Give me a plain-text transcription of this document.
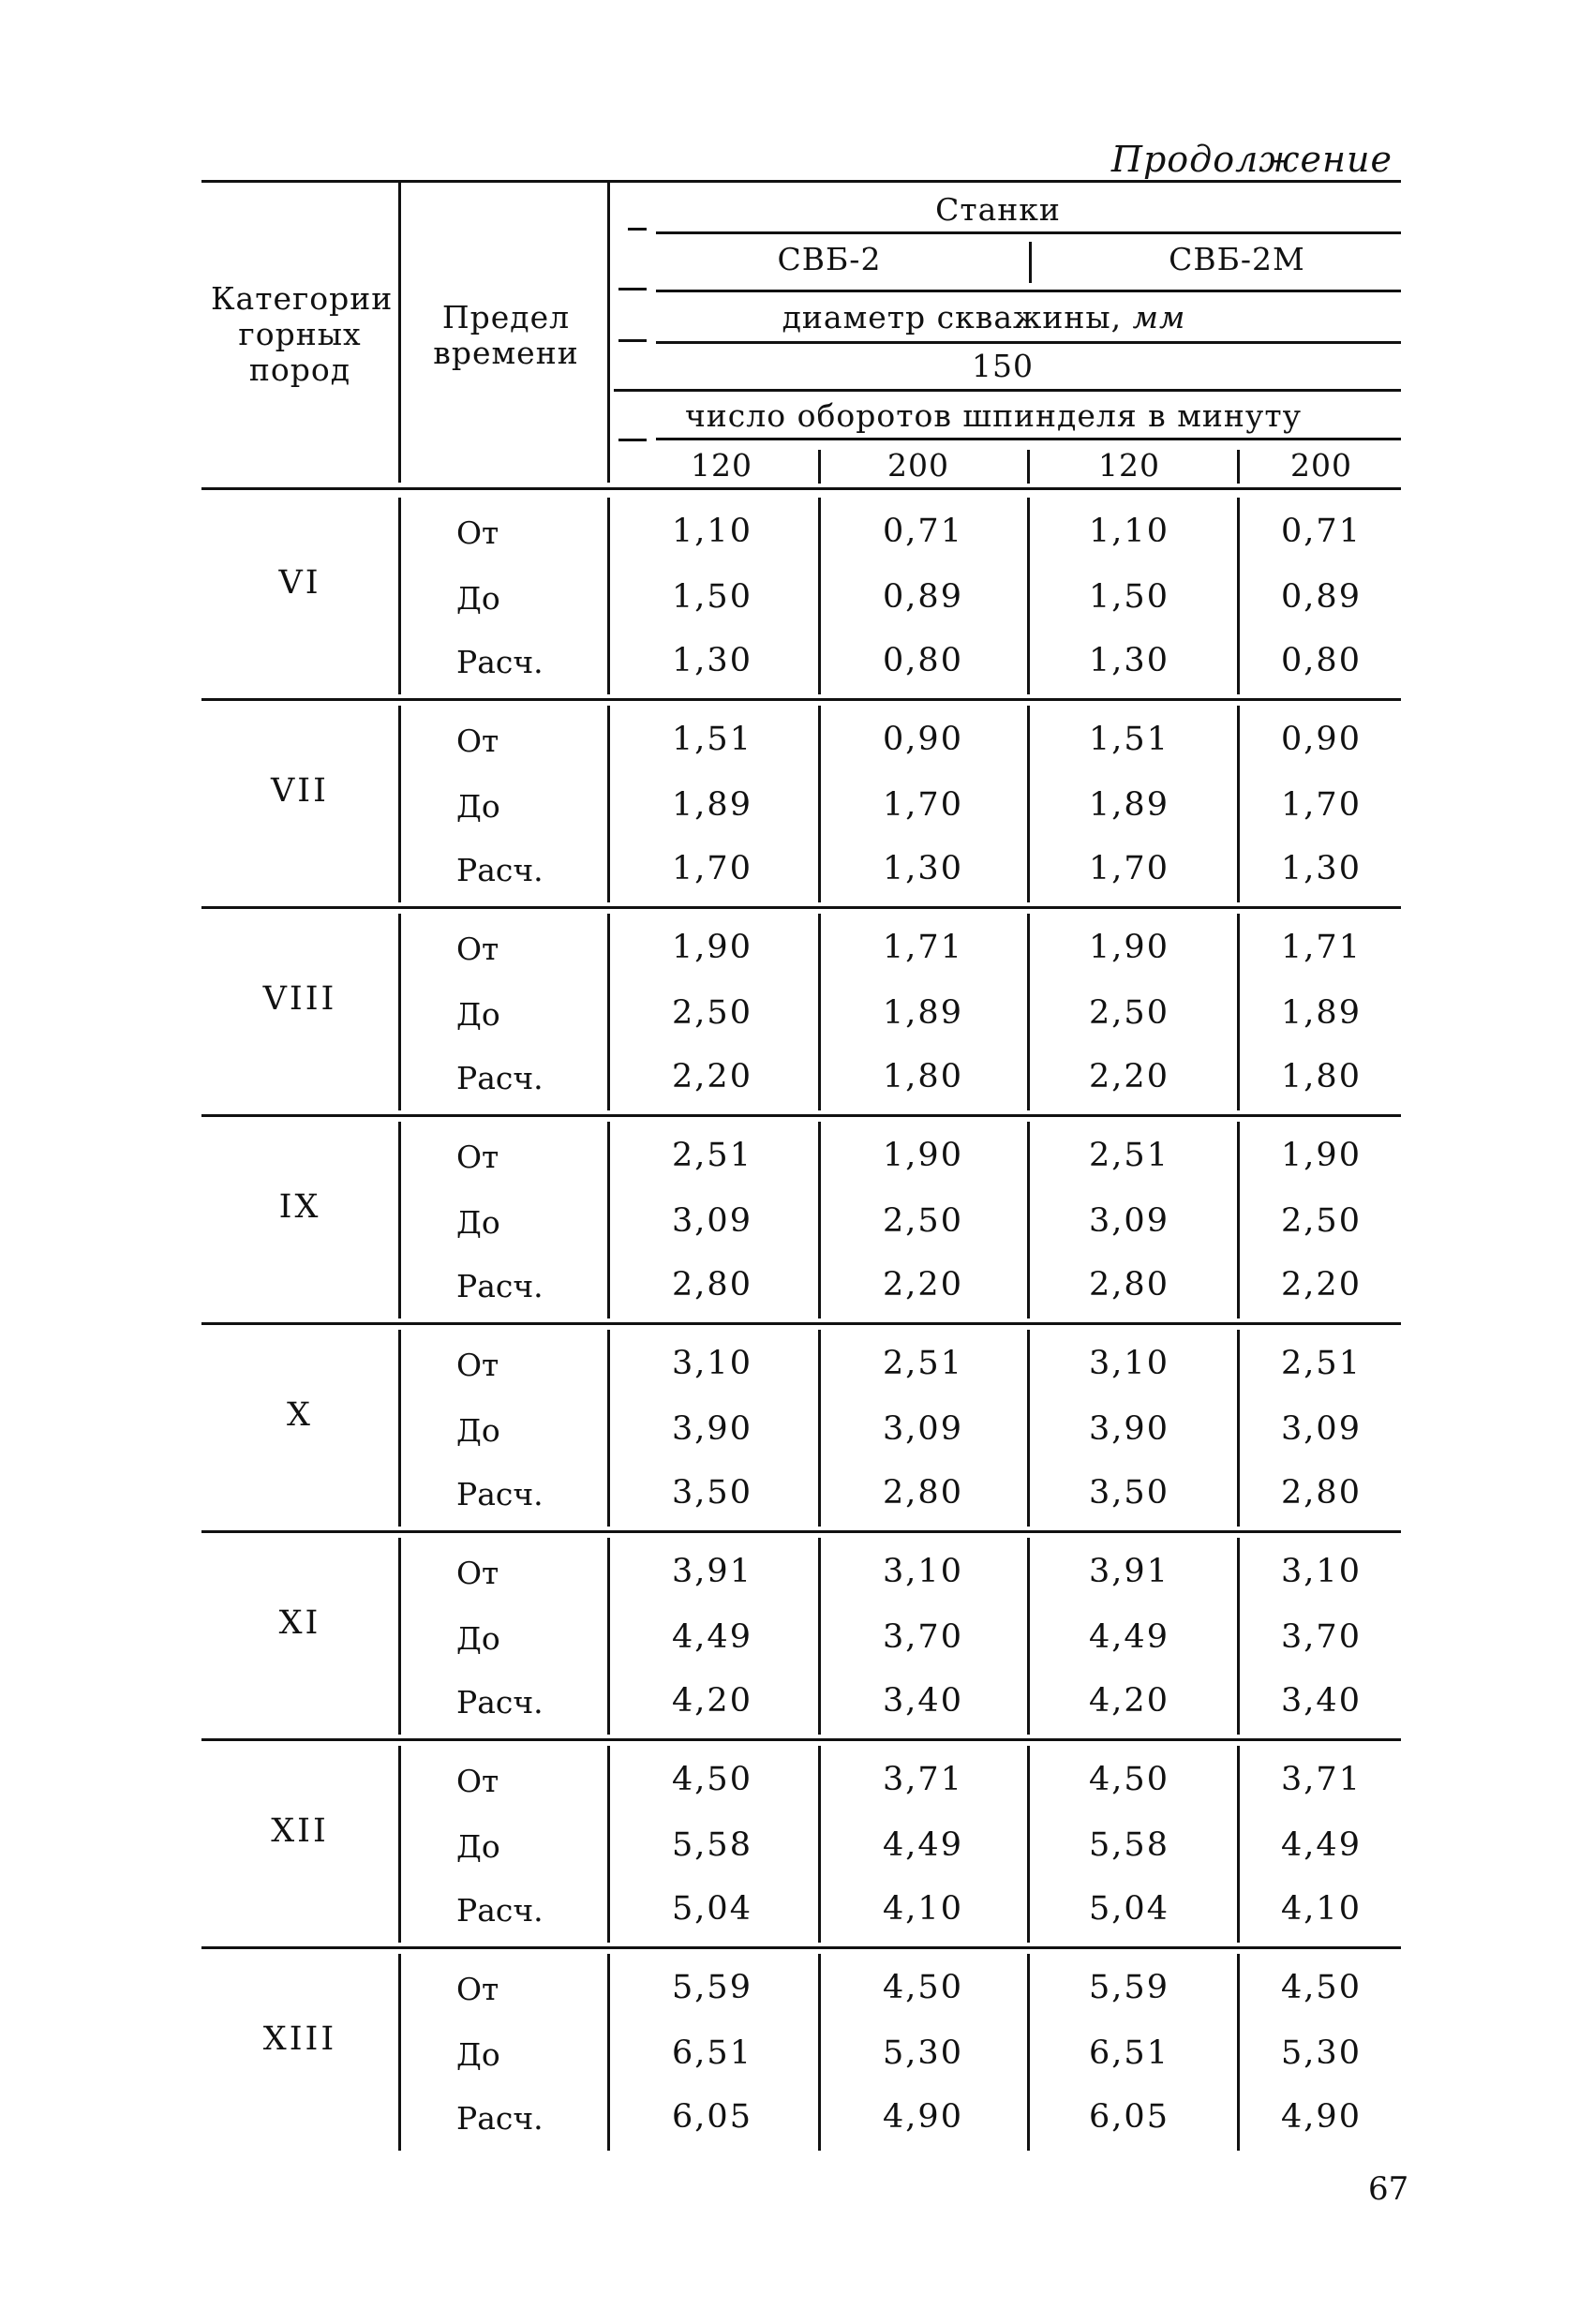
Продолжение
Категории горных пород
Предел времени
Станки
СВБ-2	СВБ-2М
диаметр скважины, мм
150
число оборотов шпинделя в минуту
120	200	120	200
VI
От	1,10	0,71	1,10	0,71
До	1,50	0,89	1,50	0,89
Расч.	1,30	0,80	1,30	0,80
VII
От	1,51	0,90	1,51	0,90
До	1,89	1,70	1,89	1,70
Расч.	1,70	1,30	1,70	1,30
VIII
От	1,90	1,71	1,90	1,71
До	2,50	1,89	2,50	1,89
Расч.	2,20	1,80	2,20	1,80
IX
От	2,51	1,90	2,51	1,90
До	3,09	2,50	3,09	2,50
Расч.	2,80	2,20	2,80	2,20
X
От	3,10	2,51	3,10	2,51
До	3,90	3,09	3,90	3,09
Расч.	3,50	2,80	3,50	2,80
XI
От	3,91	3,10	3,91	3,10
До	4,49	3,70	4,49	3,70
Расч.	4,20	3,40	4,20	3,40
XII
От	4,50	3,71	4,50	3,71
До	5,58	4,49	5,58	4,49
Расч.	5,04	4,10	5,04	4,10
XIII
От	5,59	4,50	5,59	4,50
До	6,51	5,30	6,51	5,30
Расч.	6,05	4,90	6,05	4,90
67
